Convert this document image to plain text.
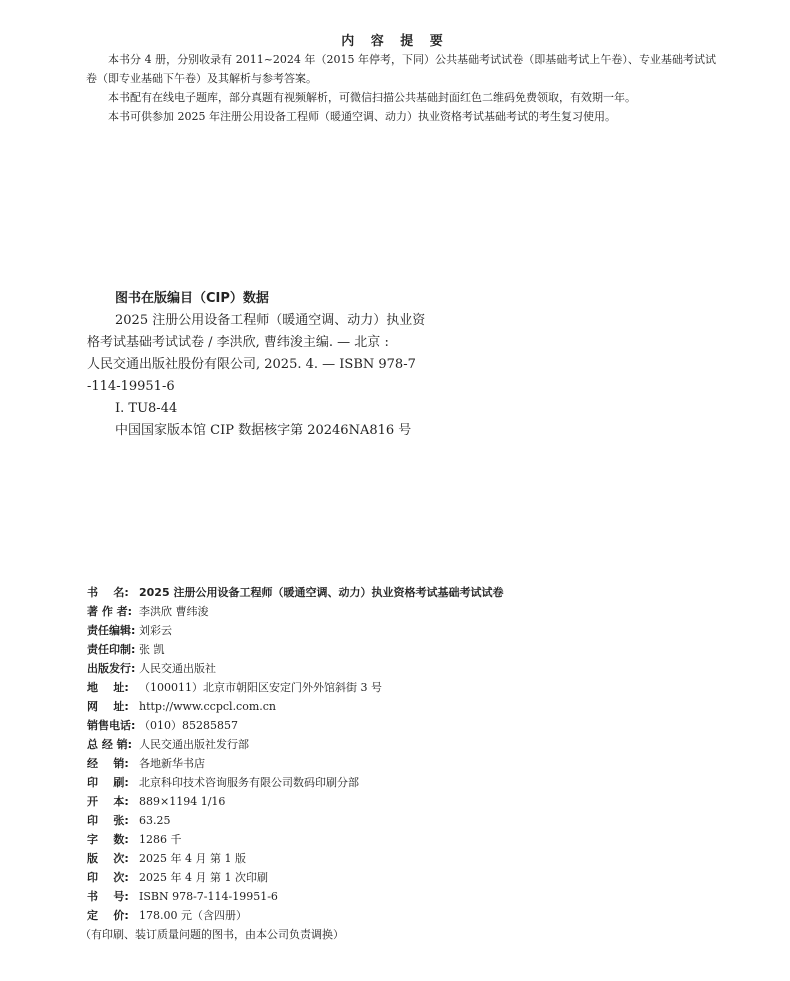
内 容 提 要

本书分 4 册，分别收录有 2011~2024 年（2015 年停考，下同）公共基础考试试卷（即基础考试上午卷）、专业基础考试试卷（即专业基础下午卷）及其解析与参考答案。

本书配有在线电子题库，部分真题有视频解析，可微信扫描公共基础封面红色二维码免费领取，有效期一年。

本书可供参加 2025 年注册公用设备工程师（暖通空调、动力）执业资格考试基础考试的考生复习使用。

图书在版编目（CIP）数据
2025 注册公用设备工程师（暖通空调、动力）执业资
格考试基础考试试卷 / 李洪欣, 曹纬浚主编. — 北京 :
人民交通出版社股份有限公司, 2025. 4. — ISBN 978-7
-114-19951-6
Ⅰ. TU8-44
中国国家版本馆 CIP 数据核字第 20246NA816 号
书    名: 2025 注册公用设备工程师（暖通空调、动力）执业资格考试基础考试试卷
著 作 者: 李洪欣 曹纬浚
责任编辑: 刘彩云
责任印制: 张 凯
出版发行: 人民交通出版社
地    址: （100011）北京市朝阳区安定门外外馆斜街 3 号
网    址: http://www.ccpcl.com.cn
销售电话: （010）85285857
总 经 销: 人民交通出版社发行部
经    销: 各地新华书店
印    刷: 北京科印技术咨询服务有限公司数码印刷分部
开    本: 889×1194 1/16
印    张: 63.25
字    数: 1286 千
版    次: 2025 年 4 月 第 1 版
印    次: 2025 年 4 月 第 1 次印刷
书    号: ISBN 978-7-114-19951-6
定    价: 178.00 元（含四册）
（有印刷、装订质量问题的图书，由本公司负责调换）
